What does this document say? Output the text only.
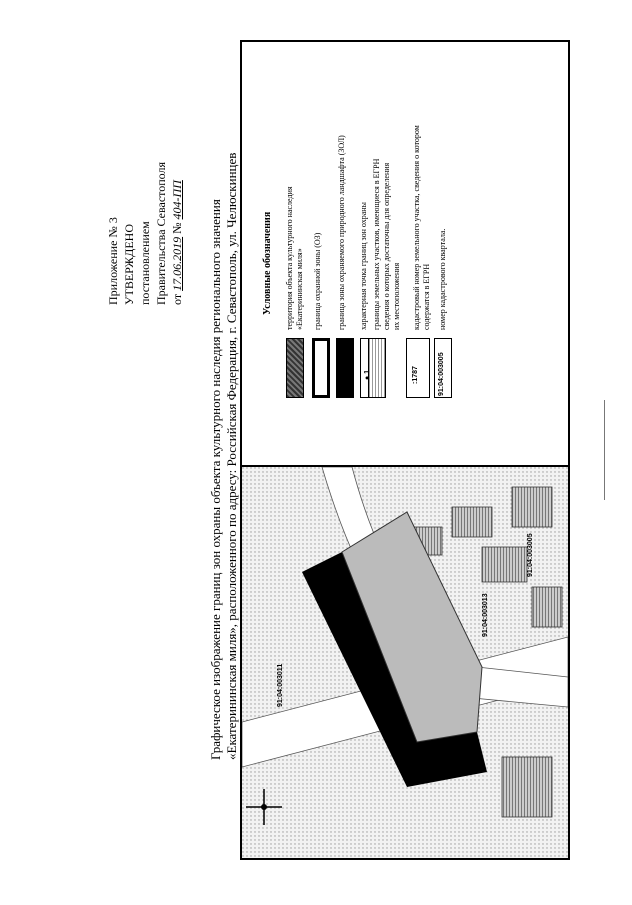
Приложение № 3 УТВЕРЖДЕНО постановлением Правительства Севастополя от 17.06.2019 № 404-ПП Графическое изображение границ зон охраны объекта культурного наследия регионального значения «Екатерининская миля», расположенного по адресу: Российская Федерация, г. Севастополь, ул. Челюскинцев Условные обозначения
● 1	:1787	91:04:003005
территория объекта культурного наследия «Екатерининская миля» граница охранной зоны (ОЗ) граница зоны охраняемого природного ландшафта (ЗОЛ) характерная точка границ зон охраны границы земельных участков, имеющиеся в ЕГРН сведения о которых достаточны для определения их местоположения кадастровый номер земельного участка, сведения о котором содержатся в ЕГРН номер кадастрового квартала.
91:04:003011
91:04:003013
91:04:003005
